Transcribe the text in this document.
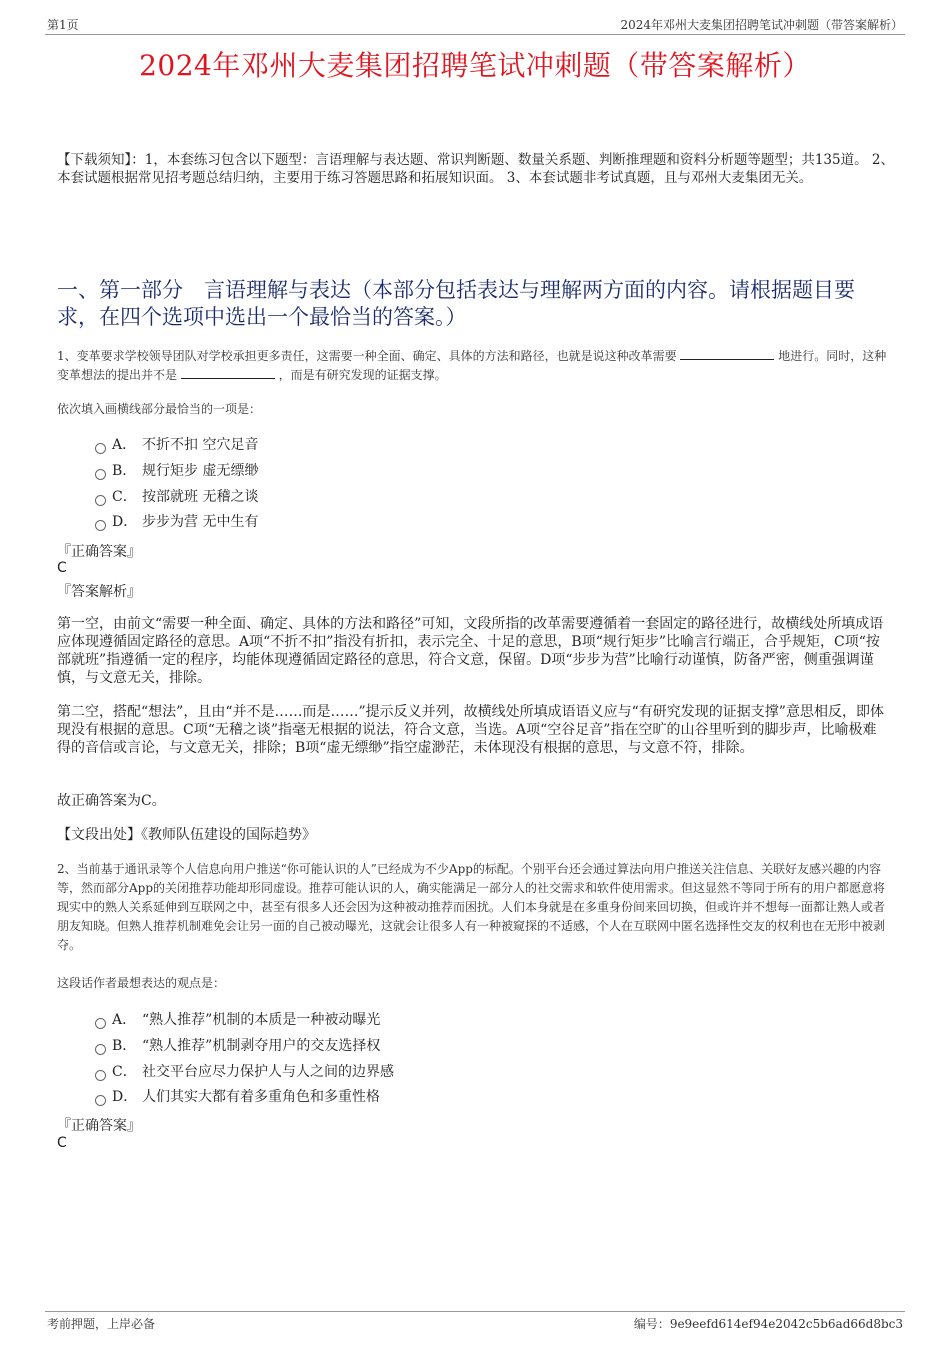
第1页	2024年邓州大麦集团招聘笔试冲刺题（带答案解析）
2024年邓州大麦集团招聘笔试冲刺题（带答案解析）
【下载须知】：1，本套练习包含以下题型：言语理解与表达题、常识判断题、数量关系题、判断推理题和资料分析题等题型；共135道。 2、本套试题根据常见招考题总结归纳，主要用于练习答题思路和拓展知识面。 3、本套试题非考试真题，且与邓州大麦集团无关。
一、第一部分　言语理解与表达（本部分包括表达与理解两方面的内容。请根据题目要求，在四个选项中选出一个最恰当的答案。）
1、变革要求学校领导团队对学校承担更多责任，这需要一种全面、确定、具体的方法和路径，也就是说这种改革需要	地进行。同时，这种变革想法的提出并不是	，而是有研究发现的证据支撑。
依次填入画横线部分最恰当的一项是：
A． 不折不扣 空穴足音
B． 规行矩步 虚无缥缈
C． 按部就班 无稽之谈
D． 步步为营 无中生有
『正确答案』
C
『答案解析』
第一空，由前文“需要一种全面、确定、具体的方法和路径”可知，文段所指的改革需要遵循着一套固定的路径进行，故横线处所填成语应体现遵循固定路径的意思。A项“不折不扣”指没有折扣，表示完全、十足的意思，B项“规行矩步”比喻言行端正，合乎规矩，C项“按部就班”指遵循一定的程序，均能体现遵循固定路径的意思，符合文意，保留。D项“步步为营”比喻行动谨慎，防备严密，侧重强调谨慎，与文意无关，排除。
第二空，搭配“想法”，且由“并不是……而是……”提示反义并列，故横线处所填成语语义应与“有研究发现的证据支撑”意思相反，即体现没有根据的意思。C项“无稽之谈”指毫无根据的说法，符合文意，当选。A项“空谷足音”指在空旷的山谷里听到的脚步声，比喻极难得的音信或言论，与文意无关，排除；B项“虚无缥缈”指空虚渺茫，未体现没有根据的意思，与文意不符，排除。
故正确答案为C。
【文段出处】《教师队伍建设的国际趋势》
2、当前基于通讯录等个人信息向用户推送“你可能认识的人”已经成为不少App的标配。个别平台还会通过算法向用户推送关注信息、关联好友感兴趣的内容等，然而部分App的关闭推荐功能却形同虚设。推荐可能认识的人，确实能满足一部分人的社交需求和软件使用需求。但这显然不等同于所有的用户都愿意将现实中的熟人关系延伸到互联网之中，甚至有很多人还会因为这种被动推荐而困扰。人们本身就是在多重身份间来回切换，但或许并不想每一面都让熟人或者朋友知晓。但熟人推荐机制难免会让另一面的自己被动曝光，这就会让很多人有一种被窥探的不适感，个人在互联网中匿名选择性交友的权利也在无形中被剥夺。
这段话作者最想表达的观点是：
A． “熟人推荐”机制的本质是一种被动曝光
B． “熟人推荐”机制剥夺用户的交友选择权
C． 社交平台应尽力保护人与人之间的边界感
D． 人们其实大都有着多重角色和多重性格
『正确答案』
C
考前押题，上岸必备	编号：9e9eefd614ef94e2042c5b6ad66d8bc3
